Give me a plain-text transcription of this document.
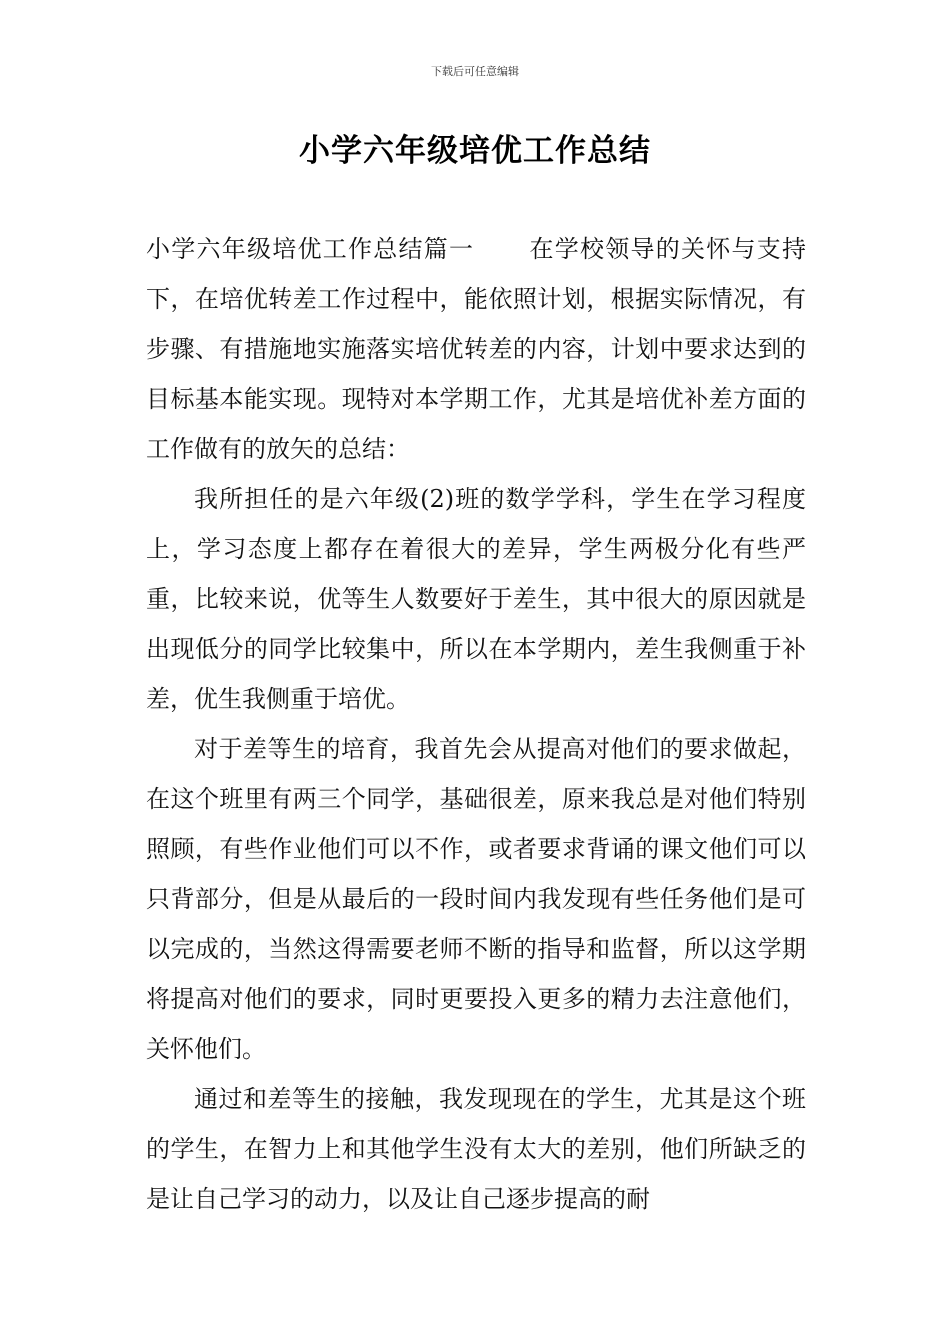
下载后可任意编辑
小学六年级培优工作总结

小学六年级培优工作总结篇一 在学校领导的关怀与支持下，在培优转差工作过程中，能依照计划，根据实际情况，有步骤、有措施地实施落实培优转差的内容，计划中要求达到的目标基本能实现。现特对本学期工作，尤其是培优补差方面的工作做有的放矢的总结：

我所担任的是六年级(2)班的数学学科，学生在学习程度上，学习态度上都存在着很大的差异，学生两极分化有些严重，比较来说，优等生人数要好于差生，其中很大的原因就是出现低分的同学比较集中，所以在本学期内，差生我侧重于补差，优生我侧重于培优。

对于差等生的培育，我首先会从提高对他们的要求做起，在这个班里有两三个同学，基础很差，原来我总是对他们特别照顾，有些作业他们可以不作，或者要求背诵的课文他们可以只背部分，但是从最后的一段时间内我发现有些任务他们是可以完成的，当然这得需要老师不断的指导和监督，所以这学期将提高对他们的要求，同时更要投入更多的精力去注意他们，关怀他们。

通过和差等生的接触，我发现现在的学生，尤其是这个班的学生，在智力上和其他学生没有太大的差别，他们所缺乏的是让自己学习的动力，以及让自己逐步提高的耐
